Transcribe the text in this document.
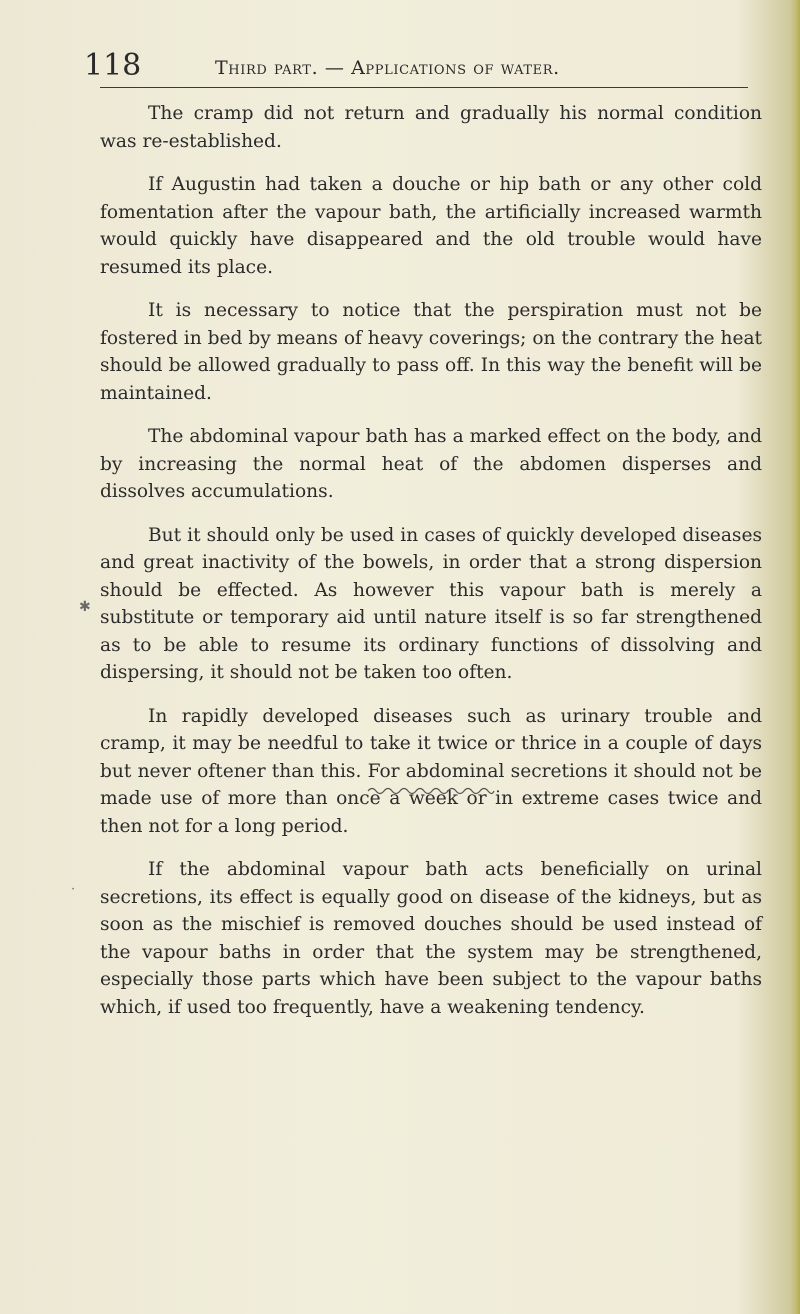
118	Third part. — Applications of water.

The cramp did not return and gradually his normal condition was re-established.

If Augustin had taken a douche or hip bath or any other cold fomentation after the vapour bath, the artificially increased warmth would quickly have disappeared and the old trouble would have resumed its place.

It is necessary to notice that the perspiration must not be fostered in bed by means of heavy coverings; on the contrary the heat should be allowed gradually to pass off. In this way the benefit will be maintained.

The abdominal vapour bath has a marked effect on the body, and by increasing the normal heat of the abdomen disperses and dissolves accumulations.

But it should only be used in cases of quickly developed diseases and great inactivity of the bowels, in order that a strong dispersion should be effected. As however this vapour bath is merely a substitute or temporary aid until nature itself is so far strengthened as to be able to resume its ordinary functions of dissolving and dispersing, it should not be taken too often.

In rapidly developed diseases such as urinary trouble and cramp, it may be needful to take it twice or thrice in a couple of days but never oftener than this. For abdominal secretions it should not be made use of more than once a week or in extreme cases twice and then not for a long period.

If the abdominal vapour bath acts beneficially on urinal secretions, its effect is equally good on disease of the kidneys, but as soon as the mischief is removed douches should be used instead of the vapour baths in order that the system may be strengthened, especially those parts which have been subject to the vapour baths which, if used too frequently, have a weakening tendency.

✱
·
